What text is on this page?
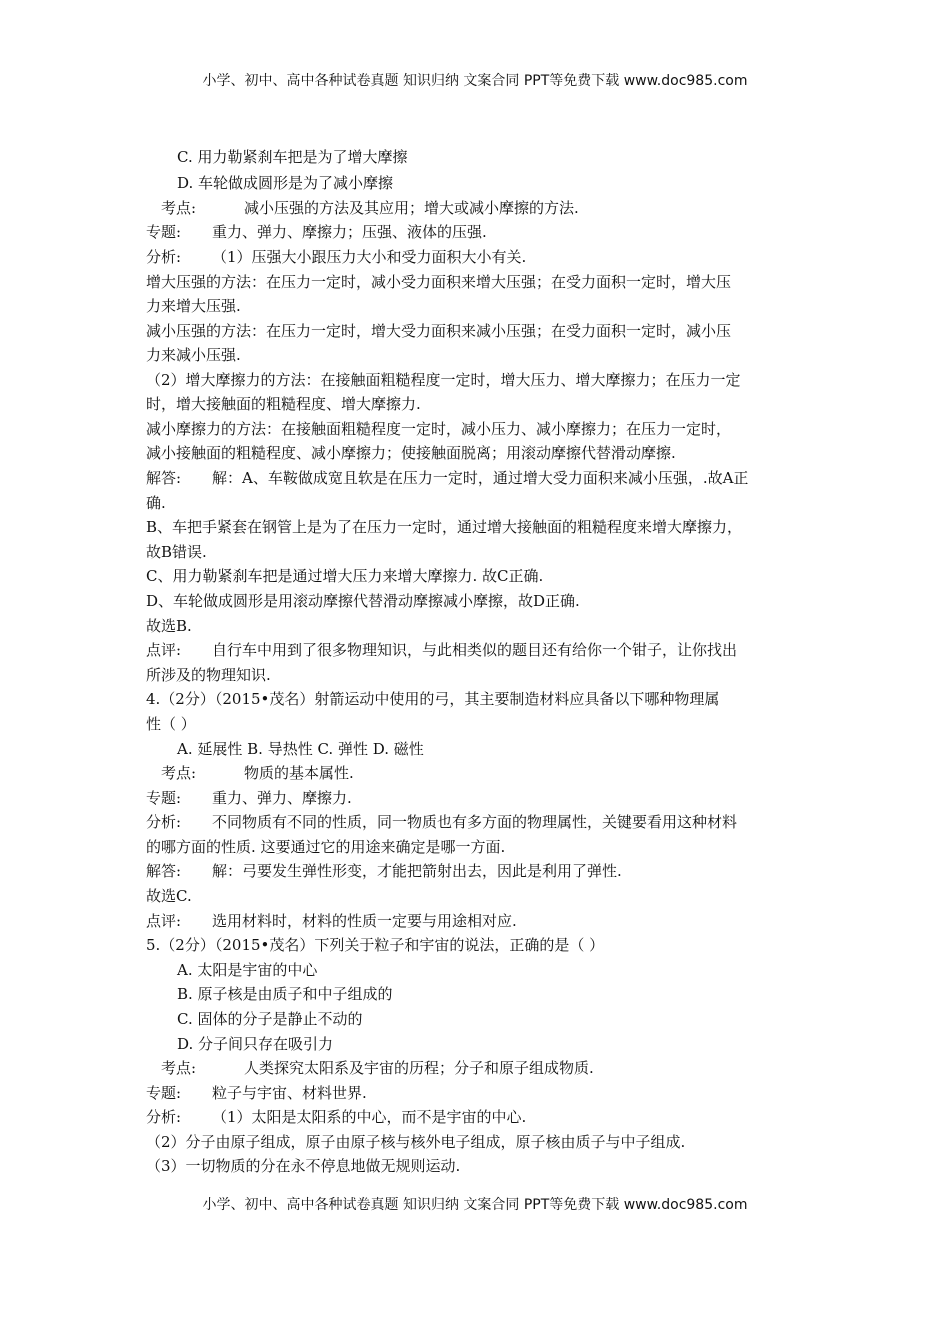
小学、初中、高中各种试卷真题 知识归纳 文案合同 PPT等免费下载 www.doc985.com
C. 用力勒紧刹车把是为了增大摩擦
D. 车轮做成圆形是为了减小摩擦
考点:	减小压强的方法及其应用；增大或减小摩擦的方法.
专题: 重力、弹力、摩擦力；压强、液体的压强.
分析: （1）压强大小跟压力大小和受力面积大小有关.
增大压强的方法：在压力一定时，减小受力面积来增大压强；在受力面积一定时，增大压
力来增大压强.
减小压强的方法：在压力一定时，增大受力面积来减小压强；在受力面积一定时，减小压
力来减小压强.
（2）增大摩擦力的方法：在接触面粗糙程度一定时，增大压力、增大摩擦力；在压力一定
时，增大接触面的粗糙程度、增大摩擦力.
减小摩擦力的方法：在接触面粗糙程度一定时，减小压力、减小摩擦力；在压力一定时，
减小接触面的粗糙程度、减小摩擦力；使接触面脱离；用滚动摩擦代替滑动摩擦.
解答: 解：A、车鞍做成宽且软是在压力一定时，通过增大受力面积来减小压强，.故A正
确.
B、车把手紧套在钢管上是为了在压力一定时，通过增大接触面的粗糙程度来增大摩擦力，
故B错误.
C、用力勒紧刹车把是通过增大压力来增大摩擦力. 故C正确.
D、车轮做成圆形是用滚动摩擦代替滑动摩擦减小摩擦，故D正确.
故选B.
点评: 自行车中用到了很多物理知识，与此相类似的题目还有给你一个钳子，让你找出
所涉及的物理知识.
4.（2分）（2015•茂名）射箭运动中使用的弓，其主要制造材料应具备以下哪种物理属
性（ ）
A. 延展性 B. 导热性 C. 弹性 D. 磁性
考点:	物质的基本属性.
专题: 重力、弹力、摩擦力.
分析: 不同物质有不同的性质，同一物质也有多方面的物理属性，关键要看用这种材料
的哪方面的性质. 这要通过它的用途来确定是哪一方面.
解答: 解：弓要发生弹性形变，才能把箭射出去，因此是利用了弹性.
故选C.
点评: 选用材料时，材料的性质一定要与用途相对应.
5.（2分）（2015•茂名）下列关于粒子和宇宙的说法，正确的是（ ）
A. 太阳是宇宙的中心
B. 原子核是由质子和中子组成的
C. 固体的分子是静止不动的
D. 分子间只存在吸引力
考点:	人类探究太阳系及宇宙的历程；分子和原子组成物质.
专题: 粒子与宇宙、材料世界.
分析: （1）太阳是太阳系的中心，而不是宇宙的中心.
（2）分子由原子组成，原子由原子核与核外电子组成，原子核由质子与中子组成.
（3）一切物质的分在永不停息地做无规则运动.
小学、初中、高中各种试卷真题 知识归纳 文案合同 PPT等免费下载 www.doc985.com
